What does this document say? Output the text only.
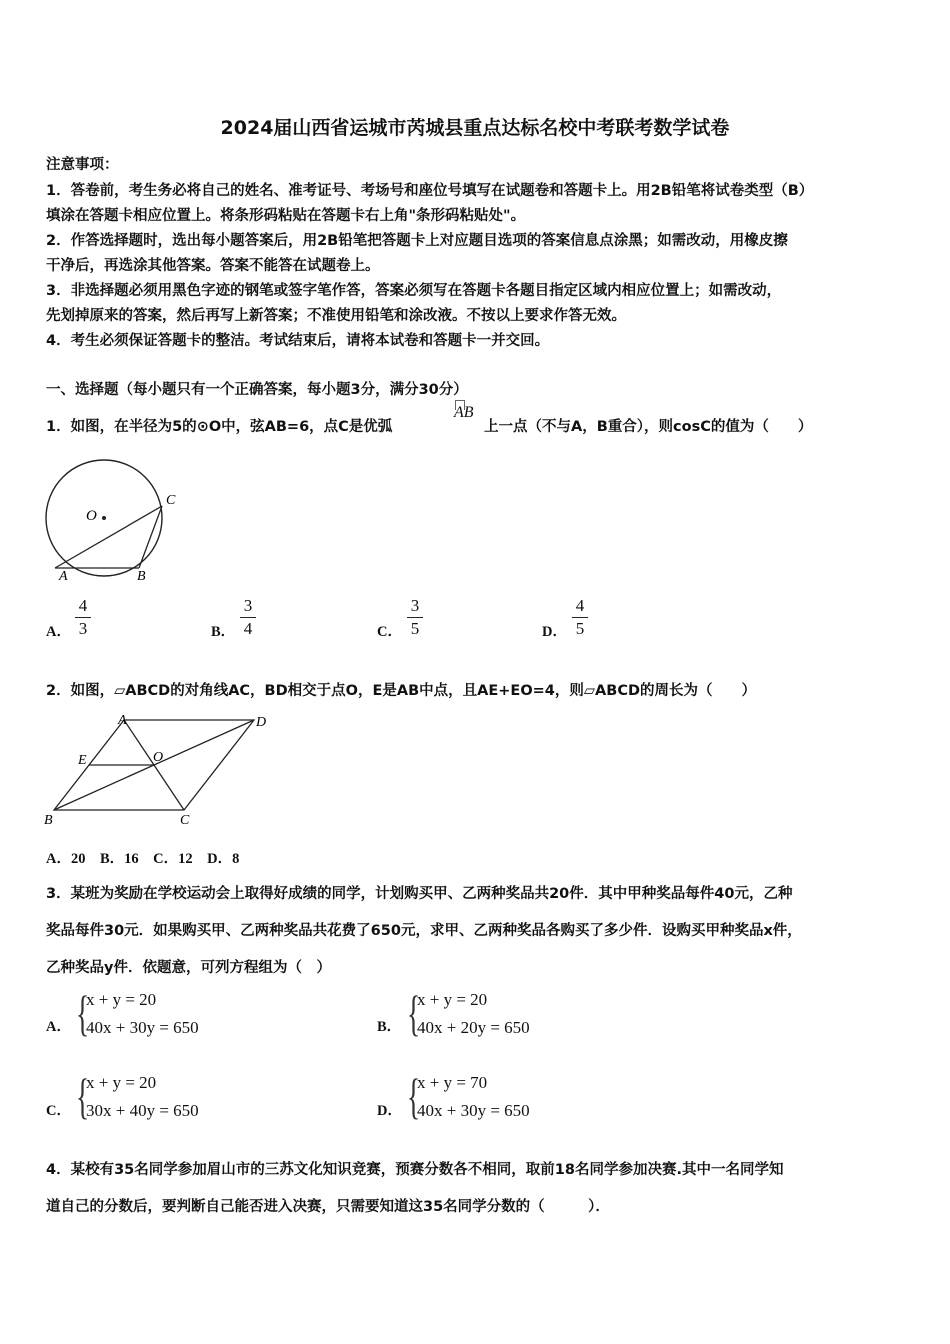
2024届山西省运城市芮城县重点达标名校中考联考数学试卷
注意事项：
1．答卷前，考生务必将自己的姓名、准考证号、考场号和座位号填写在试题卷和答题卡上。用2B铅笔将试卷类型（B）
填涂在答题卡相应位置上。将条形码粘贴在答题卡右上角"条形码粘贴处"。
2．作答选择题时，选出每小题答案后，用2B铅笔把答题卡上对应题目选项的答案信息点涂黑；如需改动，用橡皮擦
干净后，再选涂其他答案。答案不能答在试题卷上。
3．非选择题必须用黑色字迹的钢笔或签字笔作答，答案必须写在答题卡各题目指定区域内相应位置上；如需改动，
先划掉原来的答案，然后再写上新答案；不准使用铅笔和涂改液。不按以上要求作答无效。
4．考生必须保证答题卡的整洁。考试结束后，请将本试卷和答题卡一并交回。
一、选择题（每小题只有一个正确答案，每小题3分，满分30分）
1．如图，在半径为5的⊙O中，弦AB=6，点C是优弧
AB
上一点（不与A，B重合），则cosC的值为（　　）
O
A	B
C
A．
4
3	B．
3
4	C．
3
5	D．
4
5
2．如图，▱ABCD的对角线AC，BD相交于点O，E是AB中点，且AE+EO=4，则▱ABCD的周长为（　　）
A	D
E	O
B	C
A．20　B．16　C．12　D．8
3．某班为奖励在学校运动会上取得好成绩的同学，计划购买甲、乙两种奖品共20件．其中甲种奖品每件40元，乙种
奖品每件30元．如果购买甲、乙两种奖品共花费了650元，求甲、乙两种奖品各购买了多少件．设购买甲种奖品x件，
乙种奖品y件．依题意，可列方程组为（　）
A． {
x + y = 20
40x + 30y = 650	B． {
x + y = 20
40x + 20y = 650
C． {
x + y = 20
30x + 40y = 650	D． {
x + y = 70
40x + 30y = 650
4．某校有35名同学参加眉山市的三苏文化知识竞赛，预赛分数各不相同，取前18名同学参加决赛.其中一名同学知
道自己的分数后，要判断自己能否进入决赛，只需要知道这35名同学分数的（　　　）．
